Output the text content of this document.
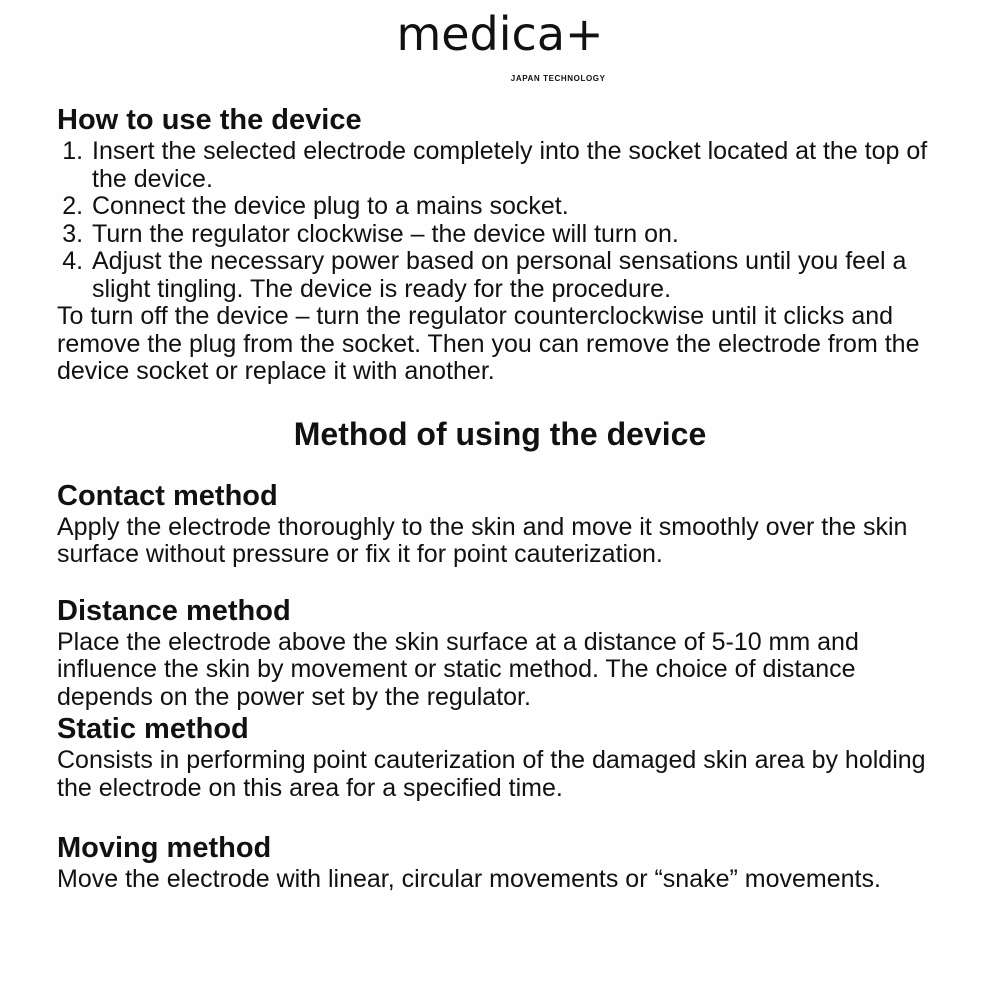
medica+
JAPAN TECHNOLOGY
How to use the device
1. Insert the selected electrode completely into the socket located at the top of the device.
2. Connect the device plug to a mains socket.
3. Turn the regulator clockwise – the device will turn on.
4. Adjust the necessary power based on personal sensations until you feel a slight tingling. The device is ready for the procedure.

To turn off the device – turn the regulator counterclockwise until it clicks and remove the plug from the socket. Then you can remove the electrode from the device socket or replace it with another.

Method of using the device
Contact method

Apply the electrode thoroughly to the skin and move it smoothly over the skin surface without pressure or fix it for point cauterization.

Distance method

Place the electrode above the skin surface at a distance of 5-10 mm and influence the skin by movement or static method. The choice of distance depends on the power set by the regulator.

Static method

Consists in performing point cauterization of the damaged skin area by holding the electrode on this area for a specified time.

Moving method

Move the electrode with linear, circular movements or “snake” movements.
